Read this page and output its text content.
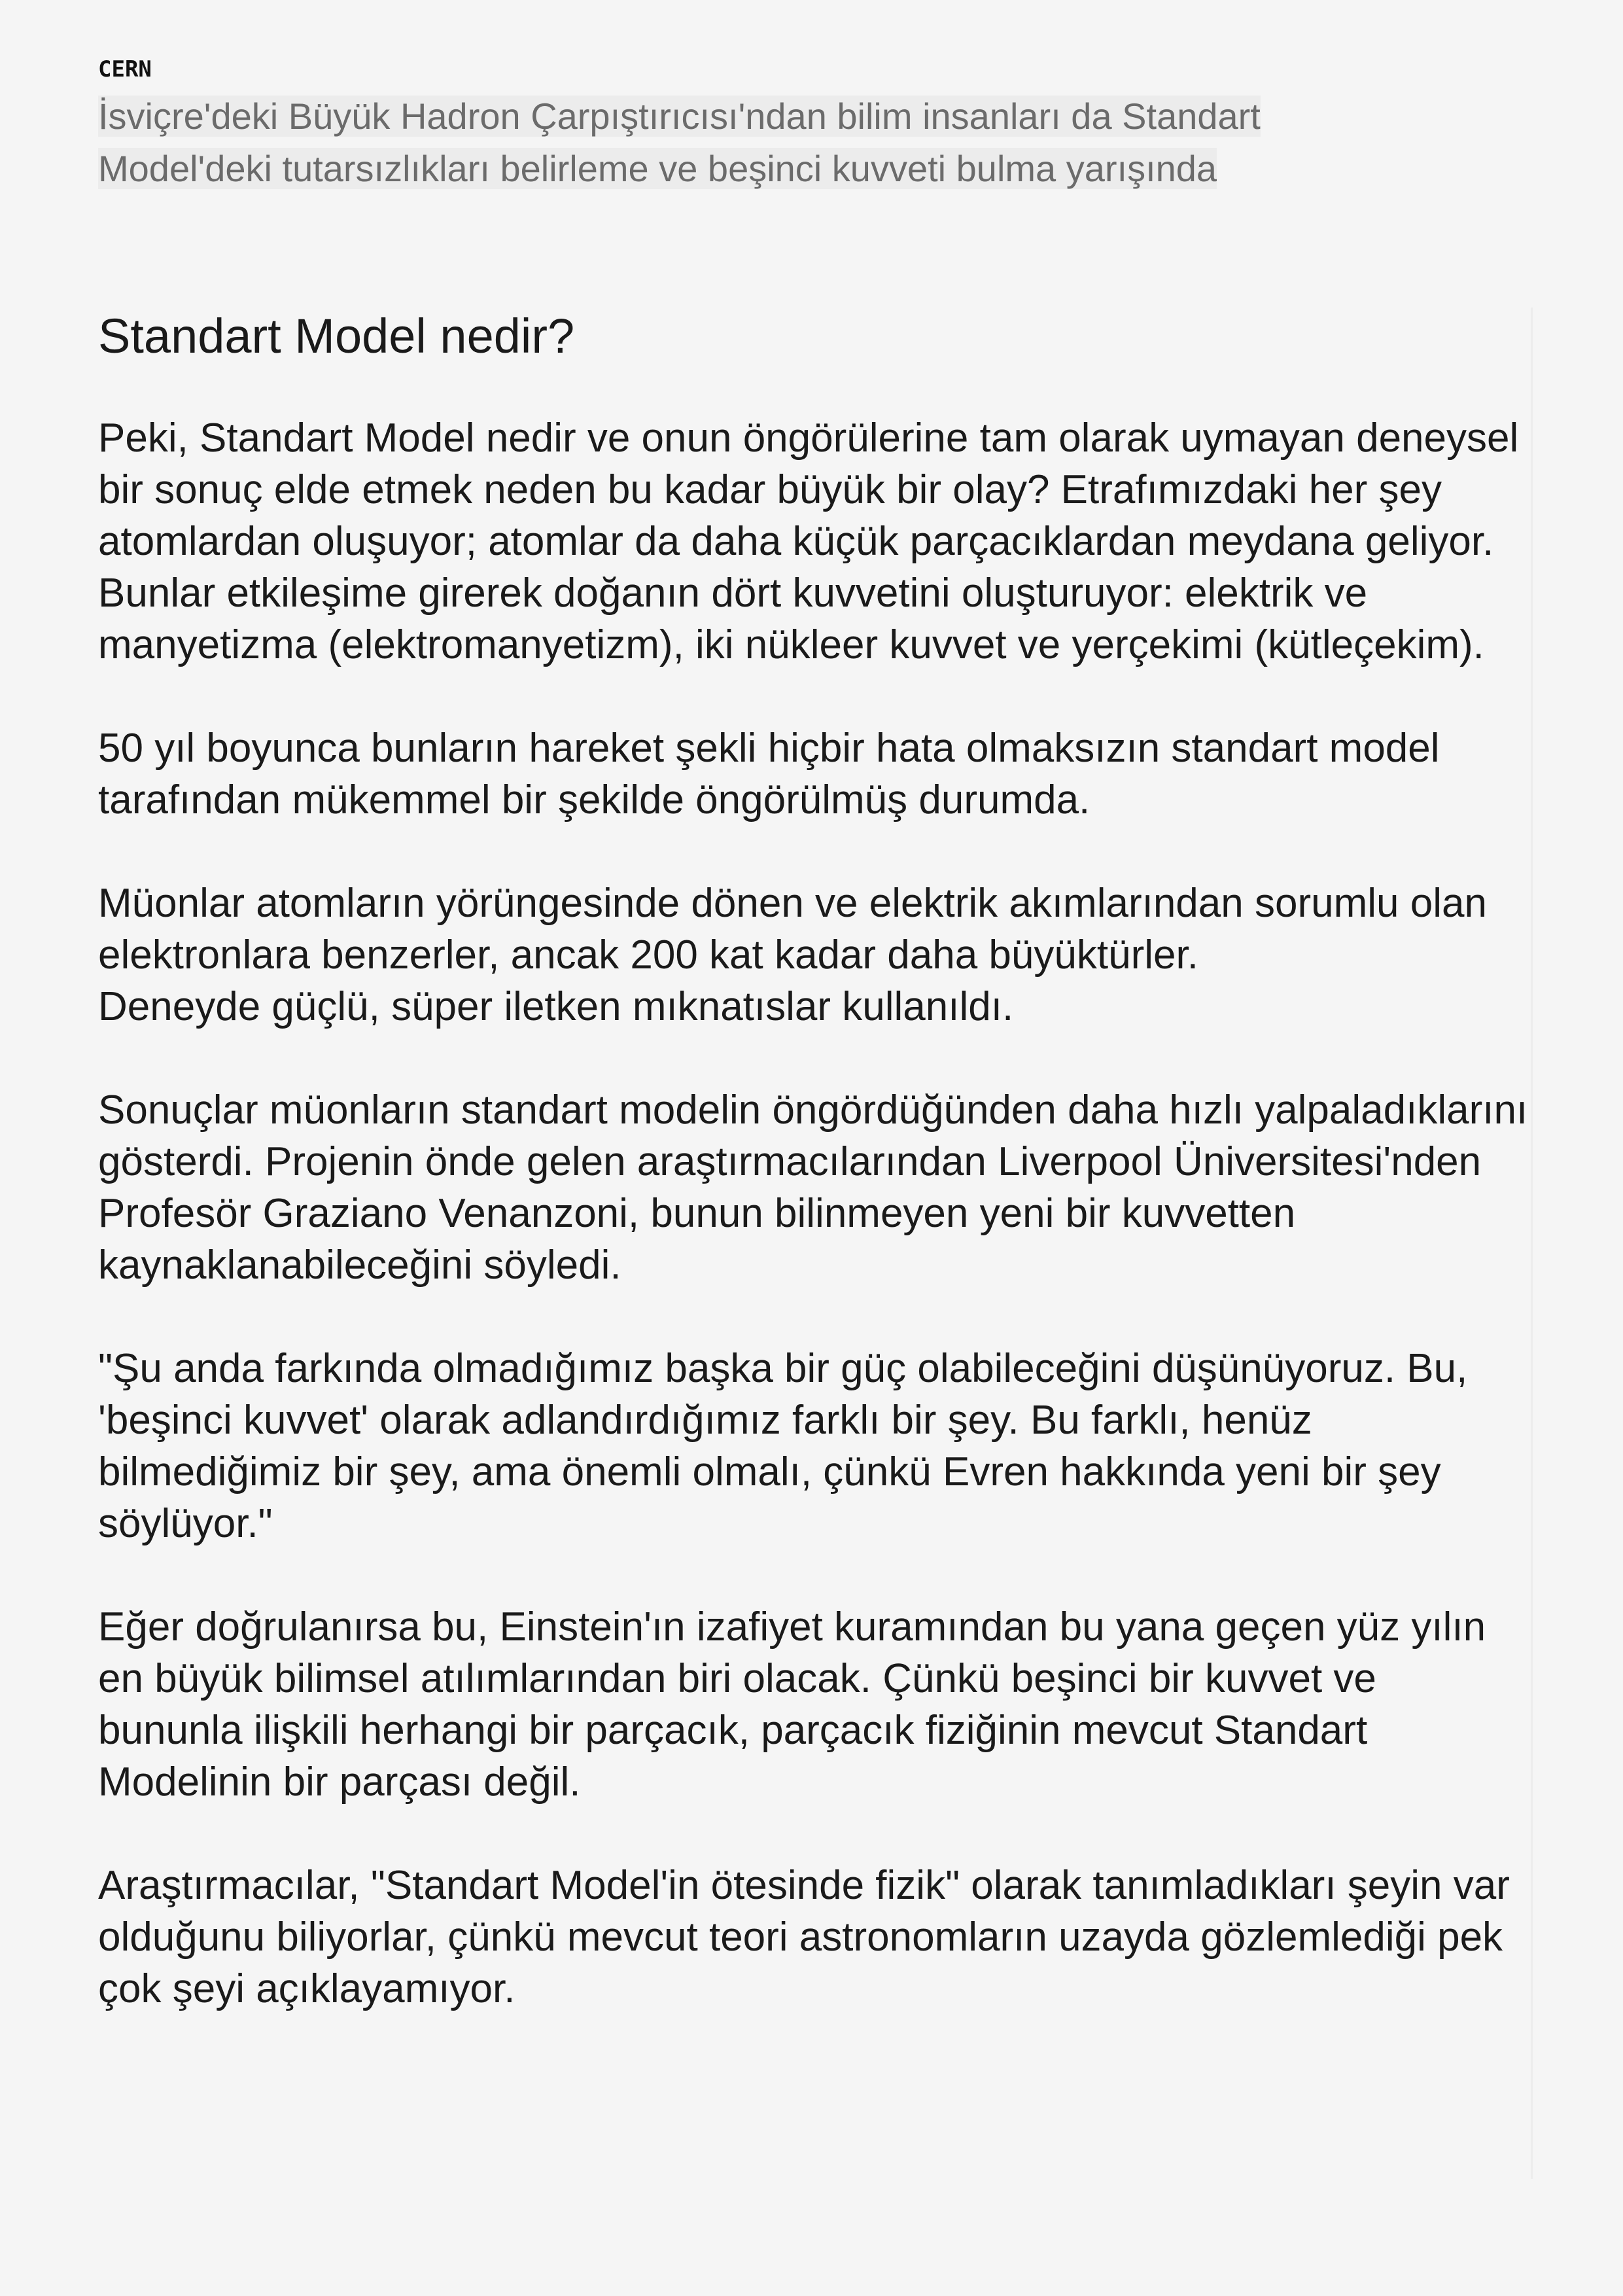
CERN

İsviçre'deki Büyük Hadron Çarpıştırıcısı'ndan bilim insanları da Standart Model'deki tutarsızlıkları belirleme ve beşinci kuvveti bulma yarışında

Standart Model nedir?

Peki, Standart Model nedir ve onun öngörülerine tam olarak uymayan deneysel bir sonuç elde etmek neden bu kadar büyük bir olay? Etrafımızdaki her şey atomlardan oluşuyor; atomlar da daha küçük parçacıklardan meydana geliyor. Bunlar etkileşime girerek doğanın dört kuvvetini oluşturuyor: elektrik ve manyetizma (elektromanyetizm), iki nükleer kuvvet ve yerçekimi (kütleçekim).

50 yıl boyunca bunların hareket şekli hiçbir hata olmaksızın standart model tarafından mükemmel bir şekilde öngörülmüş durumda.

Müonlar atomların yörüngesinde dönen ve elektrik akımlarından sorumlu olan elektronlara benzerler, ancak 200 kat kadar daha büyüktürler.
Deneyde güçlü, süper iletken mıknatıslar kullanıldı.

Sonuçlar müonların standart modelin öngördüğünden daha hızlı yalpaladıklarını gösterdi. Projenin önde gelen araştırmacılarından Liverpool Üniversitesi'nden Profesör Graziano Venanzoni, bunun bilinmeyen yeni bir kuvvetten kaynaklanabileceğini söyledi.

"Şu anda farkında olmadığımız başka bir güç olabileceğini düşünüyoruz. Bu, 'beşinci kuvvet' olarak adlandırdığımız farklı bir şey. Bu farklı, henüz bilmediğimiz bir şey, ama önemli olmalı, çünkü Evren hakkında yeni bir şey söylüyor."

Eğer doğrulanırsa bu, Einstein'ın izafiyet kuramından bu yana geçen yüz yılın en büyük bilimsel atılımlarından biri olacak. Çünkü beşinci bir kuvvet ve bununla ilişkili herhangi bir parçacık, parçacık fiziğinin mevcut Standart Modelinin bir parçası değil.

Araştırmacılar, "Standart Model'in ötesinde fizik" olarak tanımladıkları şeyin var olduğunu biliyorlar, çünkü mevcut teori astronomların uzayda gözlemlediği pek çok şeyi açıklayamıyor.
